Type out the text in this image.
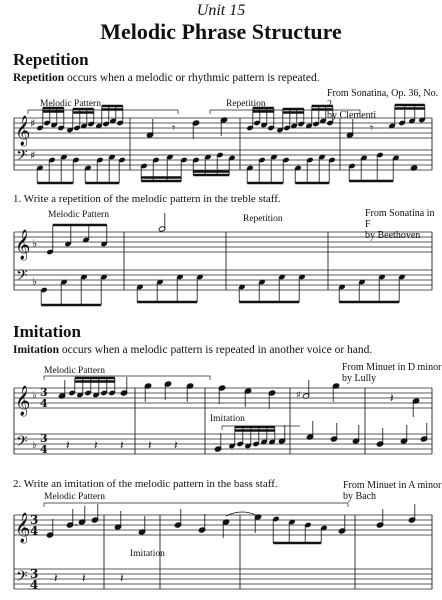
Unit 15
Melodic Phrase Structure
Repetition
Repetition occurs when a melodic or rhythmic pattern is repeated.
From Sonatina, Op. 36, No. 2
by Clementi
Melodic Pattern	Repetition
𝄞
𝄢
♯
♯
𝄾	𝄾
𝄞
𝄢
♭
♭
𝄞
𝄢
♭
♭
3
4
3
4
♯	𝄽
𝄽 𝄽 𝄽 𝄽 𝄽
𝄞
𝄢
3
4
3
4 𝄽 𝄽	𝄽
1. Write a repetition of the melodic pattern in the treble staff.
From Sonatina in F
by Beethoven
Melodic Pattern	Repetition
Imitation
Imitation occurs when a melodic pattern is repeated in another voice or hand.
From Minuet in D minor
by Lully
Melodic Pattern
Imitation
2. Write an imitation of the melodic pattern in the bass staff.	From Minuet in A minor
by Bach
Melodic Pattern
Imitation
